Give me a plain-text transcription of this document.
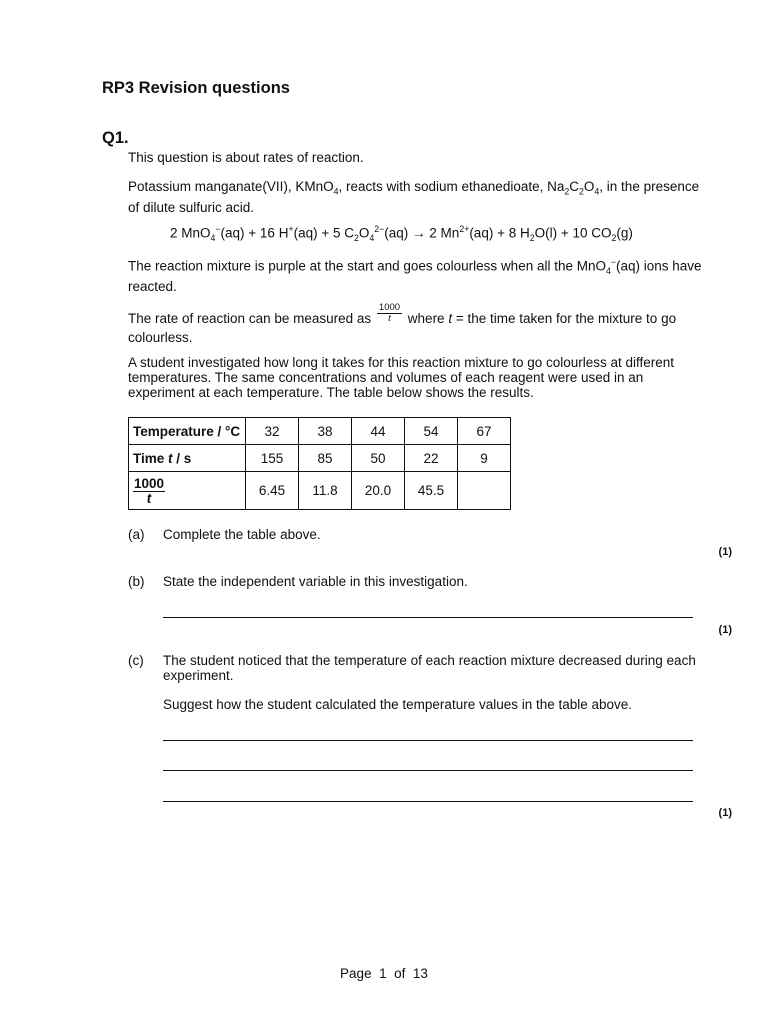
RP3 Revision questions
Q1.
This question is about rates of reaction.
Potassium manganate(VII), KMnO$_4$, reacts with sodium ethanedioate, $Na_2C_2O_4$, in the presence of dilute sulfuric acid.
2 MnO$_4$−(aq) + 16 H+(aq) + 5 $C_2O_4^{2-}(aq) \to 2$ $Mn^{2+}(aq) + 8$ $H_2O(l) + 10$ $CO_2(g)$
The reaction mixture is purple at the start and goes colourless when all the MnO$_4$−(aq) ions have reacted.
The rate of reaction can be measured as $\frac{1000}{t}$ where t = the time taken for the mixture to go colourless.
A student investigated how long it takes for this reaction mixture to go colourless at different temperatures. The same concentrations and volumes of each reagent were used in an experiment at each temperature. The table below shows the results.
Temperature / °C	32	38	44	54	67
Time t / s	155	85	50	22	9

$\frac{1000}{t}$	6.45	11.8	20.0	45.5	
(a) Complete the table above.
(1)
(b) State the independent variable in this investigation.
(1)
(c) The student noticed that the temperature of each reaction mixture decreased during each experiment.
Suggest how the student calculated the temperature values in the table above.
(1)
Page 1 of 13
